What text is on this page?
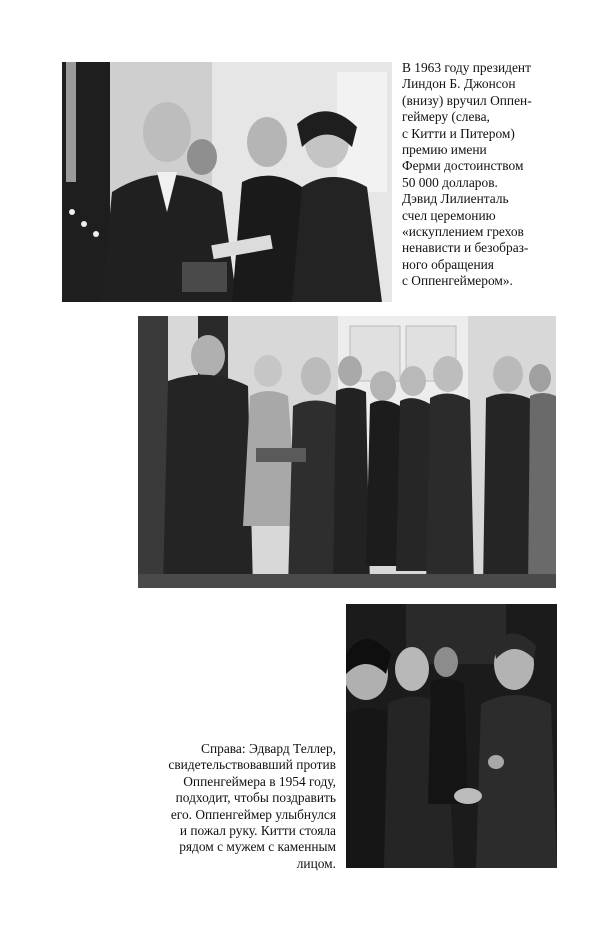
В 1963 году президент
Линдон Б. Джонсон
(внизу) вручил Оппен-
геймеру (слева,
с Китти и Питером)
премию имени
Ферми достоинством
50 000 долларов.
Дэвид Лилиенталь
счел церемонию
«искуплением грехов
ненависти и безобраз-
ного обращения
с Оппенгеймером».
Справа: Эдвард Теллер,
свидетельствовавший против
Оппенгеймера в 1954 году,
подходит, чтобы поздравить
его. Оппенгеймер улыбнулся
и пожал руку. Китти стояла
рядом с мужем с каменным
лицом.
